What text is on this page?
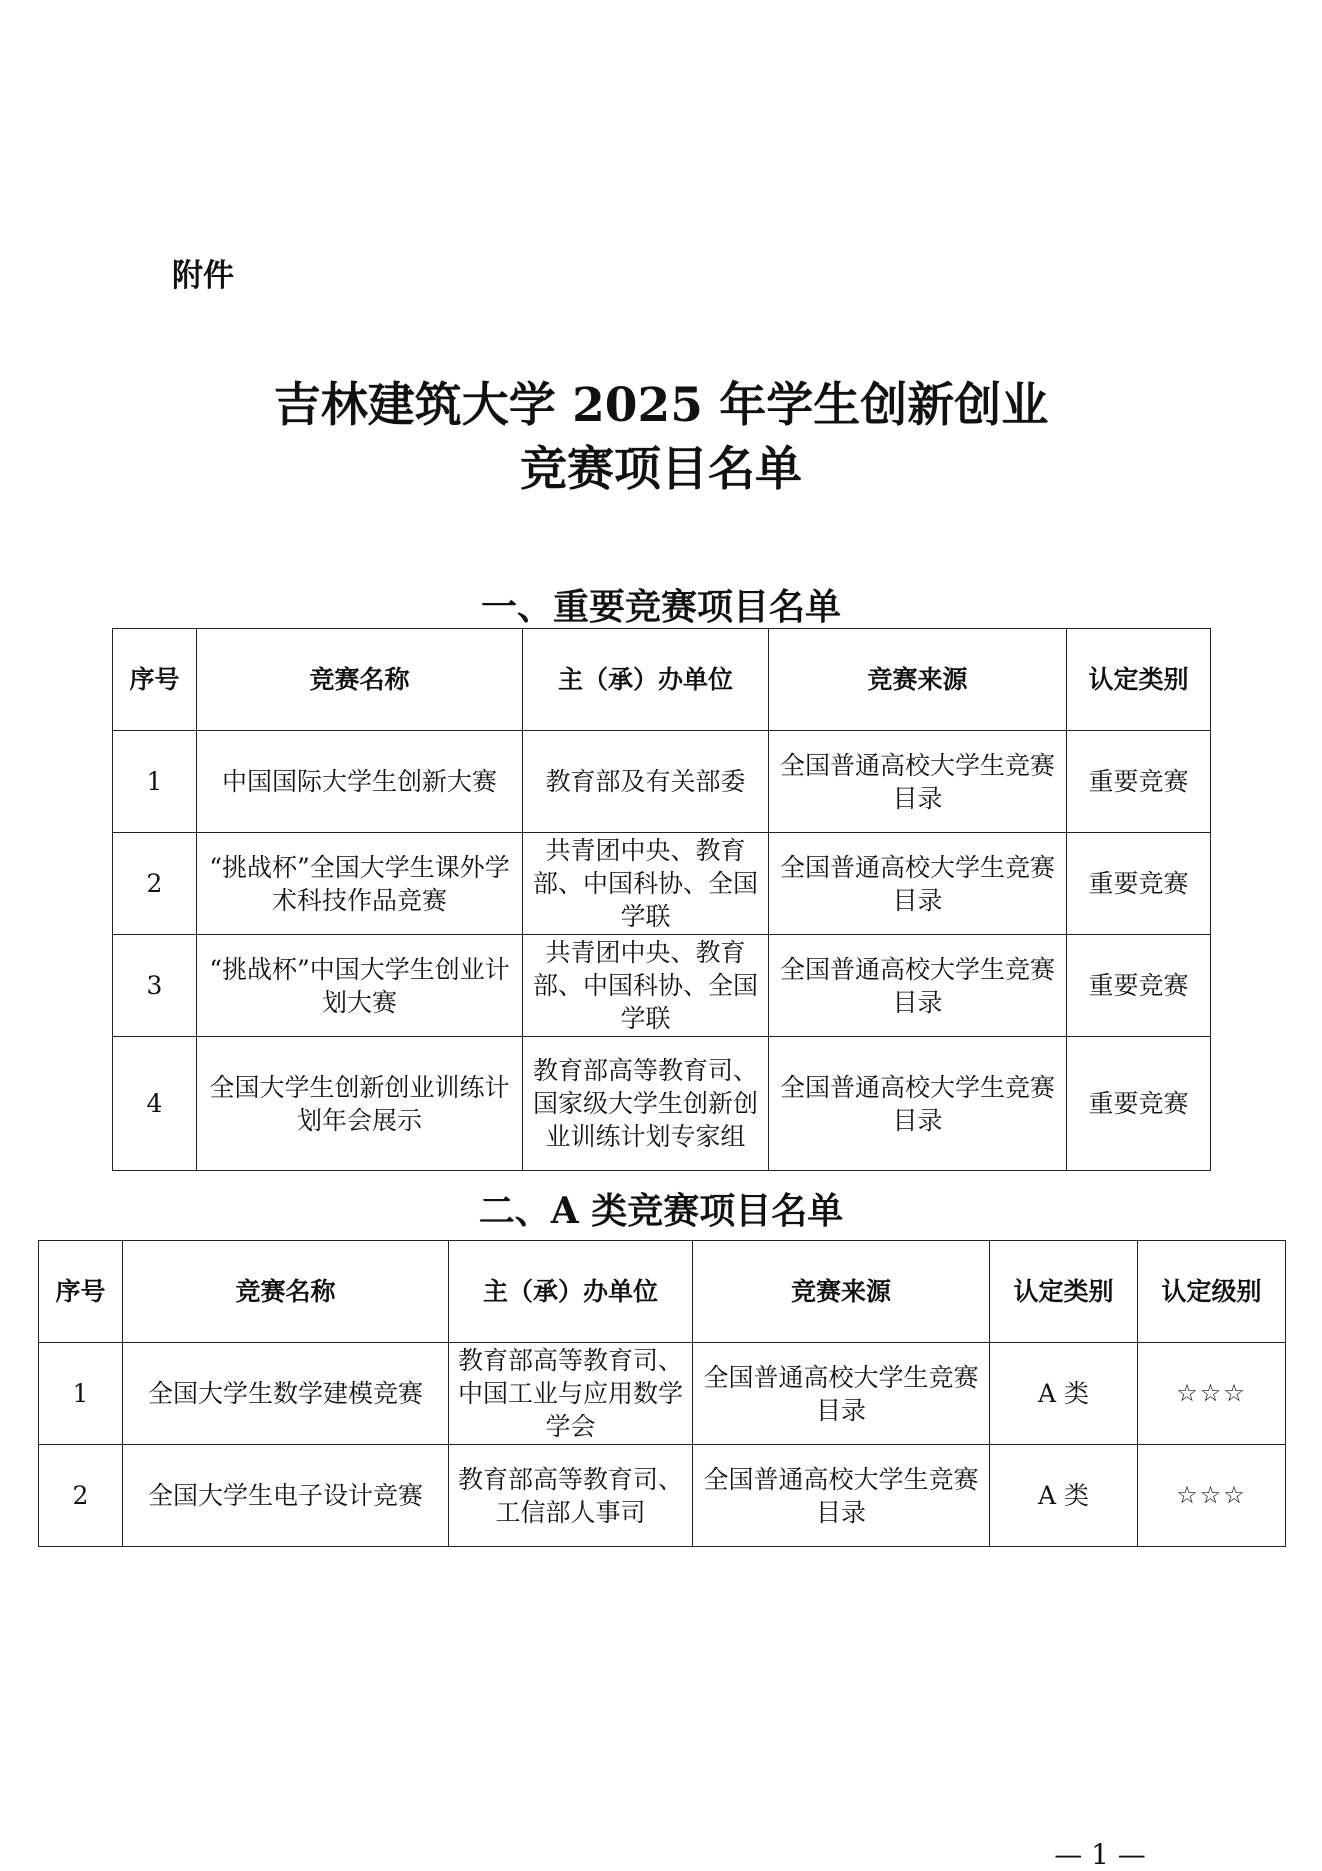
附件
吉林建筑大学 2025 年学生创新创业
竞赛项目名单
一、重要竞赛项目名单
序号	竞赛名称	主（承）办单位	竞赛来源	认定类别
1	中国国际大学生创新大赛	教育部及有关部委	全国普通高校大学生竞赛目录	重要竞赛
2	“挑战杯”全国大学生课外学术科技作品竞赛	共青团中央、教育部、中国科协、全国学联	全国普通高校大学生竞赛目录	重要竞赛
3	“挑战杯”中国大学生创业计划大赛	共青团中央、教育部、中国科协、全国学联	全国普通高校大学生竞赛目录	重要竞赛
4	全国大学生创新创业训练计划年会展示	教育部高等教育司、国家级大学生创新创业训练计划专家组	全国普通高校大学生竞赛目录	重要竞赛
二、A 类竞赛项目名单
序号	竞赛名称	主（承）办单位	竞赛来源	认定类别	认定级别
1	全国大学生数学建模竞赛	教育部高等教育司、中国工业与应用数学学会	全国普通高校大学生竞赛目录	A 类	☆☆☆
2	全国大学生电子设计竞赛	教育部高等教育司、工信部人事司	全国普通高校大学生竞赛目录	A 类	☆☆☆
— 1 —
